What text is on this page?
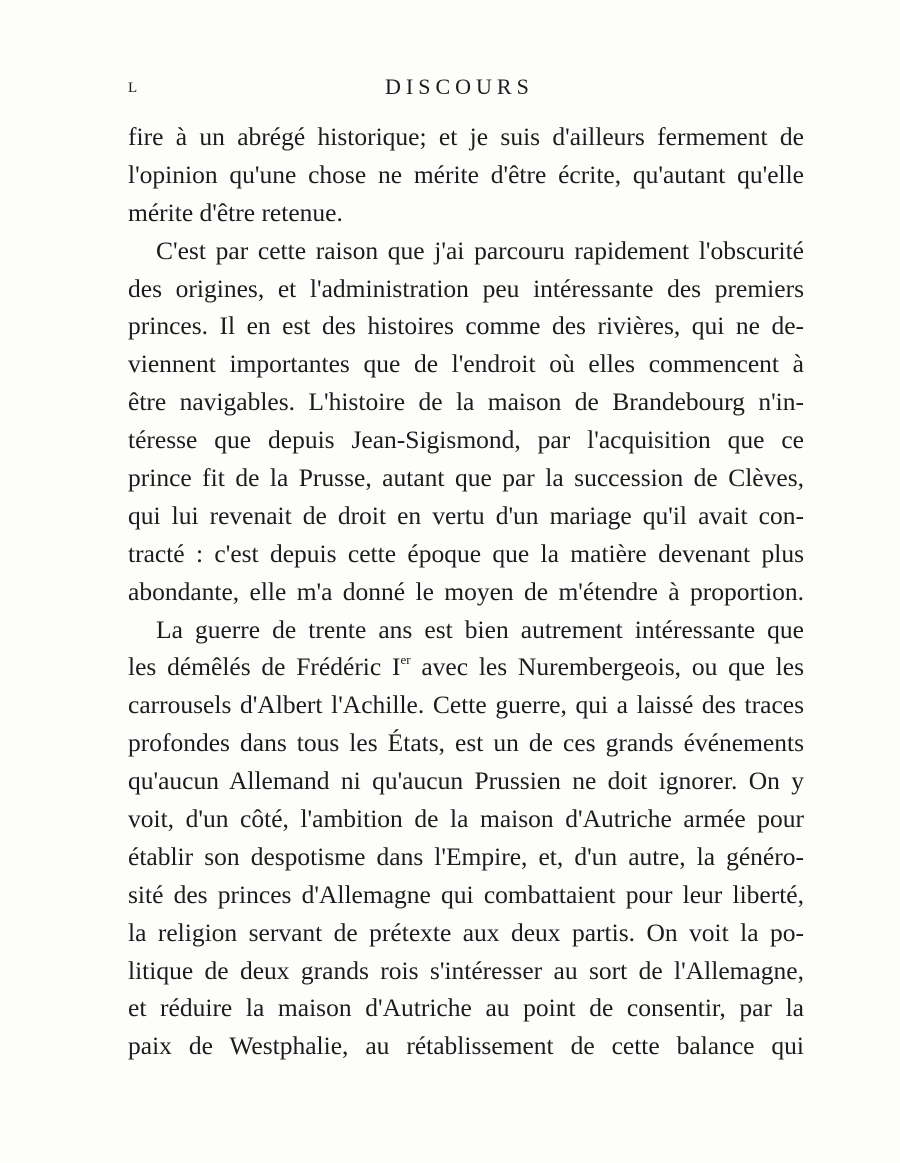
L	DISCOURS
fire à un abrégé historique; et je suis d'ailleurs fermement de
l'opinion qu'une chose ne mérite d'être écrite, qu'autant qu'elle
mérite d'être retenue.
C'est par cette raison que j'ai parcouru rapidement l'obscurité
des origines, et l'administration peu intéressante des premiers
princes. Il en est des histoires comme des rivières, qui ne de-
viennent importantes que de l'endroit où elles commencent à
être navigables. L'histoire de la maison de Brandebourg n'in-
téresse que depuis Jean-Sigismond, par l'acquisition que ce
prince fit de la Prusse, autant que par la succession de Clèves,
qui lui revenait de droit en vertu d'un mariage qu'il avait con-
tracté : c'est depuis cette époque que la matière devenant plus
abondante, elle m'a donné le moyen de m'étendre à proportion.
La guerre de trente ans est bien autrement intéressante que
les démêlés de Frédéric Ier avec les Nurembergeois, ou que les
carrousels d'Albert l'Achille. Cette guerre, qui a laissé des traces
profondes dans tous les États, est un de ces grands événements
qu'aucun Allemand ni qu'aucun Prussien ne doit ignorer. On y
voit, d'un côté, l'ambition de la maison d'Autriche armée pour
établir son despotisme dans l'Empire, et, d'un autre, la généro-
sité des princes d'Allemagne qui combattaient pour leur liberté,
la religion servant de prétexte aux deux partis. On voit la po-
litique de deux grands rois s'intéresser au sort de l'Allemagne,
et réduire la maison d'Autriche au point de consentir, par la
paix de Westphalie, au rétablissement de cette balance qui
